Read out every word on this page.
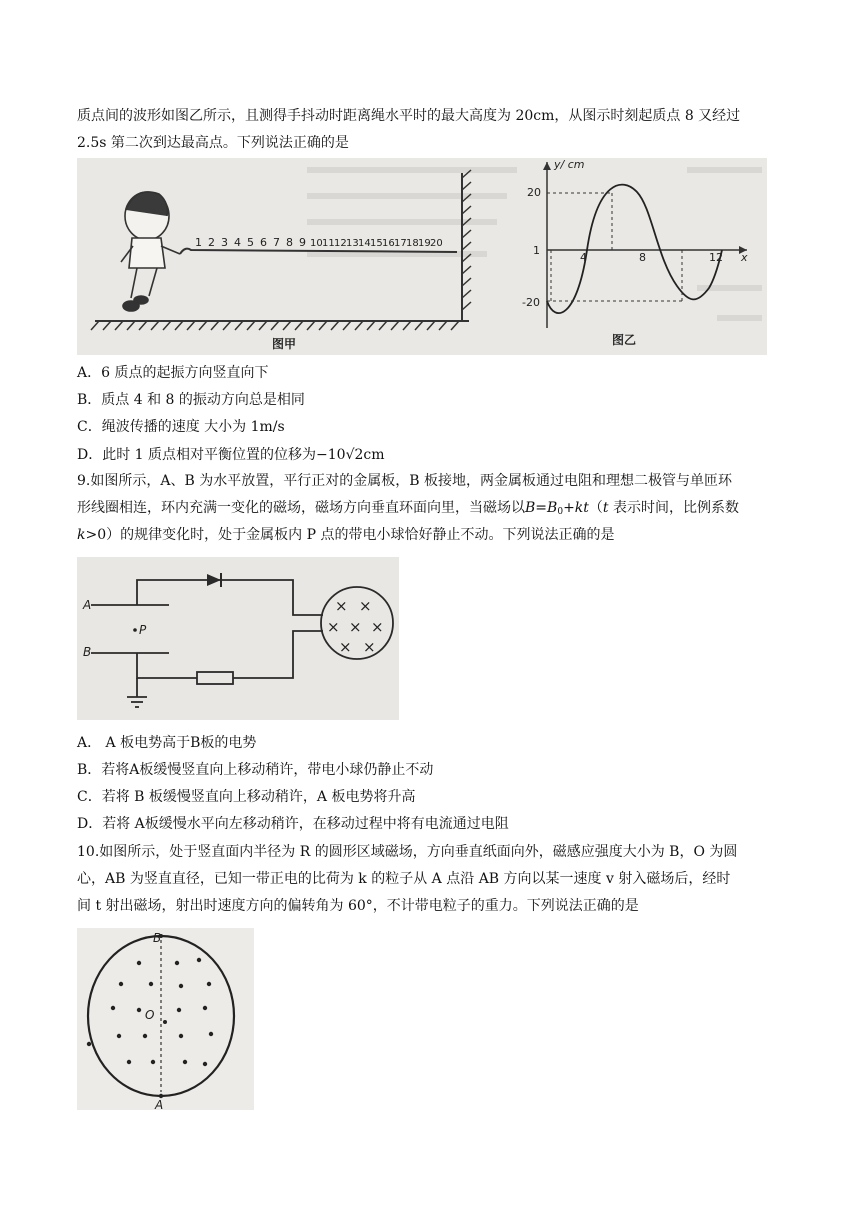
质点间的波形如图乙所示，且测得手抖动时距离绳水平时的最大高度为 20cm，从图示时刻起质点 8 又经过
2.5s 第二次到达最高点。下列说法正确的是
1 2 3 4 5 6 7 8 9 10 11 12 13 14 15 16 17 18 19 20
图甲
y/ cm
x
20
-20
1
4	8	12
图乙
A．6 质点的起振方向竖直向下
B．质点 4 和 8 的振动方向总是相同
C．绳波传播的速度 大小为 1m/s
D．此时 1 质点相对平衡位置的位移为−10√2cm
9.如图所示，A、B 为水平放置，平行正对的金属板，B 板接地，两金属板通过电阻和理想二极管与单匝环
形线圈相连，环内充满一变化的磁场，磁场方向垂直环面向里，当磁场以$B=B_0+kt(t$ 表示时间，比例系数
k>0）的规律变化时，处于金属板内 P 点的带电小球恰好静止不动。下列说法正确的是
A
B
P
× ×
× × ×
× ×
A． A 板电势高于B板的电势
B．若将A板缓慢竖直向上移动稍许，带电小球仍静止不动
C．若将 B 板缓慢竖直向上移动稍许，A 板电势将升高
D．若将 A板缓慢水平向左移动稍许，在移动过程中将有电流通过电阻
10.如图所示，处于竖直面内半径为 R 的圆形区域磁场，方向垂直纸面向外，磁感应强度大小为 B，O 为圆
心，AB 为竖直直径，已知一带正电的比荷为 k 的粒子从 A 点沿 AB 方向以某一速度 v 射入磁场后，经时
间 t 射出磁场，射出时速度方向的偏转角为 60°，不计带电粒子的重力。下列说法正确的是
B
O
A
